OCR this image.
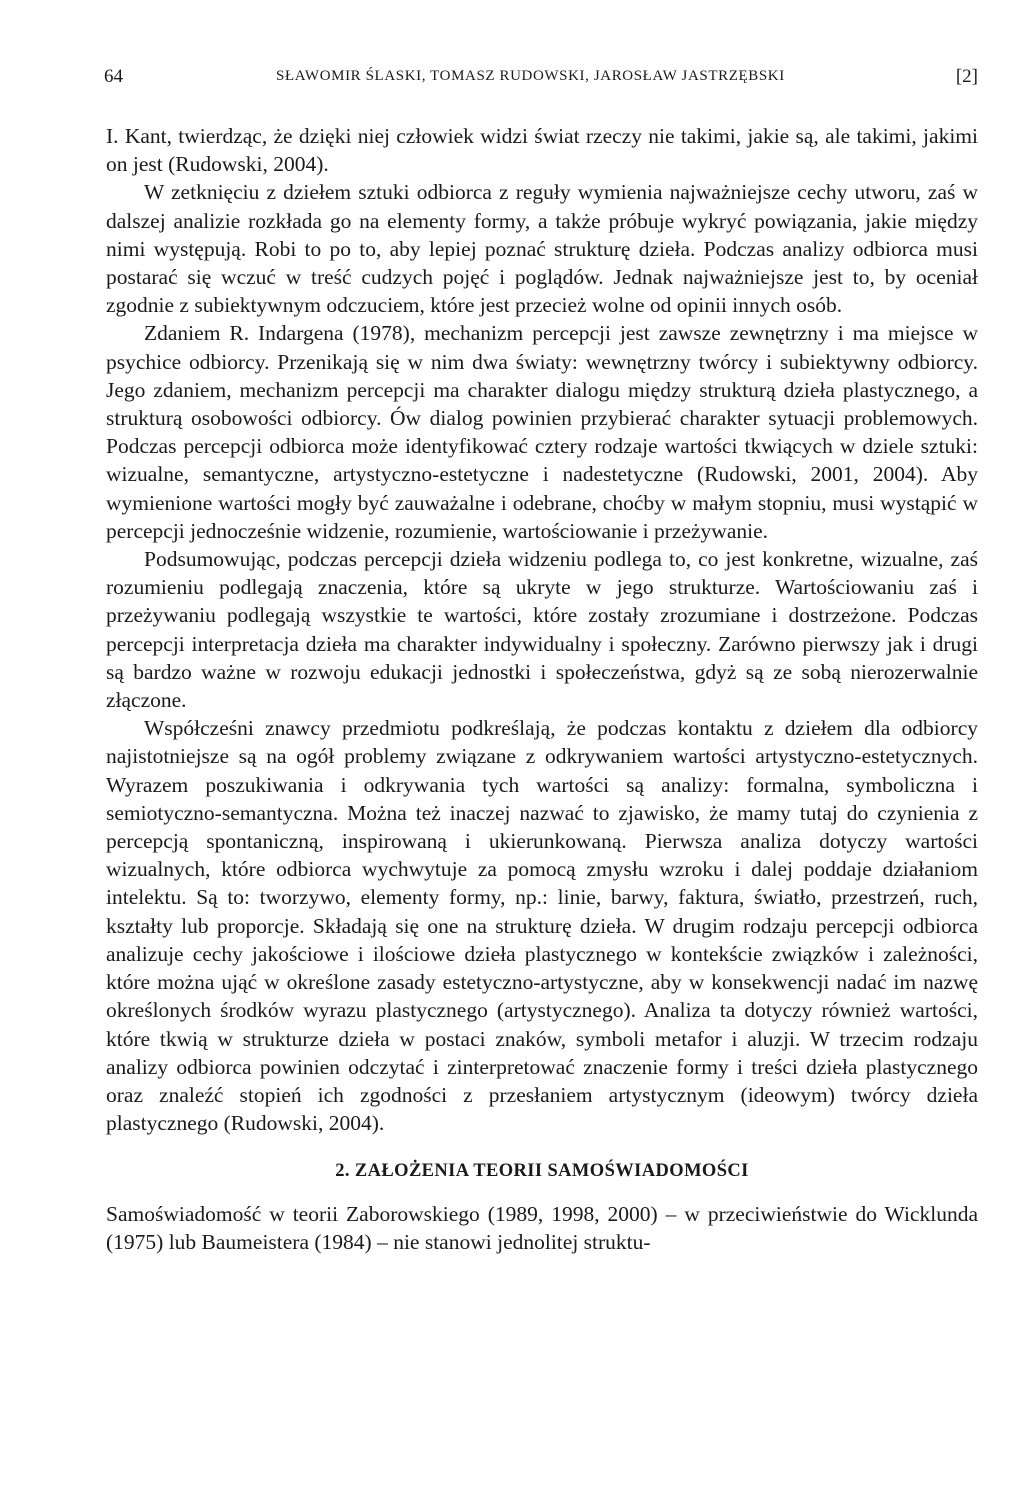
64	SŁAWOMIR ŚLASKI, TOMASZ RUDOWSKI, JAROSŁAW JASTRZĘBSKI	[2]

I. Kant, twierdząc, że dzięki niej człowiek widzi świat rzeczy nie takimi, jakie są, ale takimi, jakimi on jest (Rudowski, 2004).

W zetknięciu z dziełem sztuki odbiorca z reguły wymienia najważniejsze cechy utworu, zaś w dalszej analizie rozkłada go na elementy formy, a także próbuje wykryć powiązania, jakie między nimi występują. Robi to po to, aby lepiej poznać strukturę dzieła. Podczas analizy odbiorca musi postarać się wczuć w treść cudzych pojęć i poglądów. Jednak najważniejsze jest to, by oceniał zgodnie z subiektywnym odczuciem, które jest przecież wolne od opinii innych osób.

Zdaniem R. Indargena (1978), mechanizm percepcji jest zawsze zewnętrzny i ma miejsce w psychice odbiorcy. Przenikają się w nim dwa światy: wewnętrzny twórcy i subiektywny odbiorcy. Jego zdaniem, mechanizm percepcji ma charakter dialogu między strukturą dzieła plastycznego, a strukturą osobowości odbiorcy. Ów dialog powinien przybierać charakter sytuacji problemowych. Podczas percepcji odbiorca może identyfikować cztery rodzaje wartości tkwiących w dziele sztuki: wizualne, semantyczne, artystyczno-estetyczne i nadestetyczne (Rudowski, 2001, 2004). Aby wymienione wartości mogły być zauważalne i odebrane, choćby w małym stopniu, musi wystąpić w percepcji jednocześnie widzenie, rozumienie, wartościowanie i przeżywanie.

Podsumowując, podczas percepcji dzieła widzeniu podlega to, co jest konkretne, wizualne, zaś rozumieniu podlegają znaczenia, które są ukryte w jego strukturze. Wartościowaniu zaś i przeżywaniu podlegają wszystkie te wartości, które zostały zrozumiane i dostrzeżone. Podczas percepcji interpretacja dzieła ma charakter indywidualny i społeczny. Zarówno pierwszy jak i drugi są bardzo ważne w rozwoju edukacji jednostki i społeczeństwa, gdyż są ze sobą nierozerwalnie złączone.

Współcześni znawcy przedmiotu podkreślają, że podczas kontaktu z dziełem dla odbiorcy najistotniejsze są na ogół problemy związane z odkrywaniem wartości artystyczno-estetycznych. Wyrazem poszukiwania i odkrywania tych wartości są analizy: formalna, symboliczna i semiotyczno-semantyczna. Można też inaczej nazwać to zjawisko, że mamy tutaj do czynienia z percepcją spontaniczną, inspirowaną i ukierunkowaną. Pierwsza analiza dotyczy wartości wizualnych, które odbiorca wychwytuje za pomocą zmysłu wzroku i dalej poddaje działaniom intelektu. Są to: tworzywo, elementy formy, np.: linie, barwy, faktura, światło, przestrzeń, ruch, kształty lub proporcje. Składają się one na strukturę dzieła. W drugim rodzaju percepcji odbiorca analizuje cechy jakościowe i ilościowe dzieła plastycznego w kontekście związków i zależności, które można ująć w określone zasady estetyczno-artystyczne, aby w konsekwencji nadać im nazwę określonych środków wyrazu plastycznego (artystycznego). Analiza ta dotyczy również wartości, które tkwią w strukturze dzieła w postaci znaków, symboli metafor i aluzji. W trzecim rodzaju analizy odbiorca powinien odczytać i zinterpretować znaczenie formy i treści dzieła plastycznego oraz znaleźć stopień ich zgodności z przesłaniem artystycznym (ideowym) twórcy dzieła plastycznego (Rudowski, 2004).

2. ZAŁOŻENIA TEORII SAMOŚWIADOMOŚCI

Samoświadomość w teorii Zaborowskiego (1989, 1998, 2000) – w przeciwieństwie do Wicklunda (1975) lub Baumeistera (1984) – nie stanowi jednolitej struktu-
